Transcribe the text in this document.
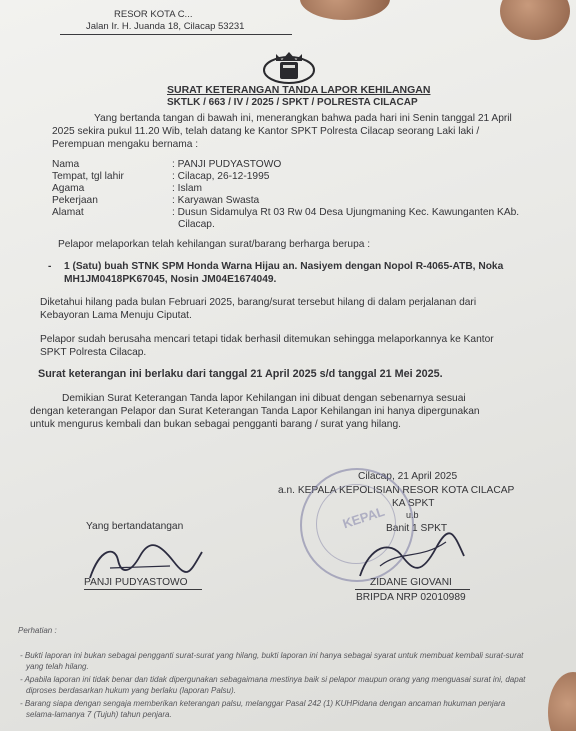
RESOR KOTA C...
Jalan Ir. H. Juanda 18, Cilacap 53231
SURAT KETERANGAN TANDA LAPOR KEHILANGAN
SKTLK / 663 / IV / 2025 / SPKT / POLRESTA CILACAP
Yang bertanda tangan di bawah ini, menerangkan bahwa pada hari ini Senin tanggal 21 April
2025 sekira pukul 11.20 Wib, telah datang ke Kantor SPKT Polresta Cilacap seorang Laki laki /
Perempuan mengaku bernama :
Nama	: PANJI PUDYASTOWO
Tempat, tgl lahir	: Cilacap, 26-12-1995
Agama	: Islam
Pekerjaan	: Karyawan Swasta
Alamat	: Dusun Sidamulya Rt 03 Rw 04 Desa Ujungmaning Kec. Kawunganten KAb.
Cilacap.
Pelapor melaporkan telah kehilangan surat/barang berharga berupa :
- 1 (Satu) buah STNK SPM Honda Warna Hijau an. Nasiyem dengan Nopol R-4065-ATB, Noka
MH1JM0418PK67045, Nosin JM04E1674049.
Diketahui hilang pada bulan Februari 2025, barang/surat tersebut hilang di dalam perjalanan dari
Kebayoran Lama Menuju Ciputat.
Pelapor sudah berusaha mencari tetapi tidak berhasil ditemukan sehingga melaporkannya ke Kantor
SPKT Polresta Cilacap.
Surat keterangan ini berlaku dari tanggal 21 April 2025 s/d tanggal 21 Mei 2025.
Demikian Surat Keterangan Tanda lapor Kehilangan ini dibuat dengan sebenarnya sesuai
dengan keterangan Pelapor dan Surat Keterangan Tanda Lapor Kehilangan ini hanya dipergunakan
untuk mengurus kembali dan bukan sebagai pengganti barang / surat yang hilang.
Cilacap, 21 April 2025
a.n. KEPALA KEPOLISIAN RESOR KOTA CILACAP
KA SPKT
u.b
Banit 1 SPKT
KEPAL
Yang bertandatangan
PANJI PUDYASTOWO	ZIDANE GIOVANI
BRIPDA NRP 02010989
Perhatian :
- Bukti laporan ini bukan sebagai pengganti surat-surat yang hilang, bukti laporan ini hanya sebagai syarat untuk membuat kembali surat-surat
yang telah hilang.
- Apabila laporan ini tidak benar dan tidak dipergunakan sebagaimana mestinya baik si pelapor maupun orang yang menguasai surat ini, dapat
diproses berdasarkan hukum yang berlaku (laporan Palsu).
- Barang siapa dengan sengaja memberikan keterangan palsu, melanggar Pasal 242 (1) KUHPidana dengan ancaman hukuman penjara
selama-lamanya 7 (Tujuh) tahun penjara.
